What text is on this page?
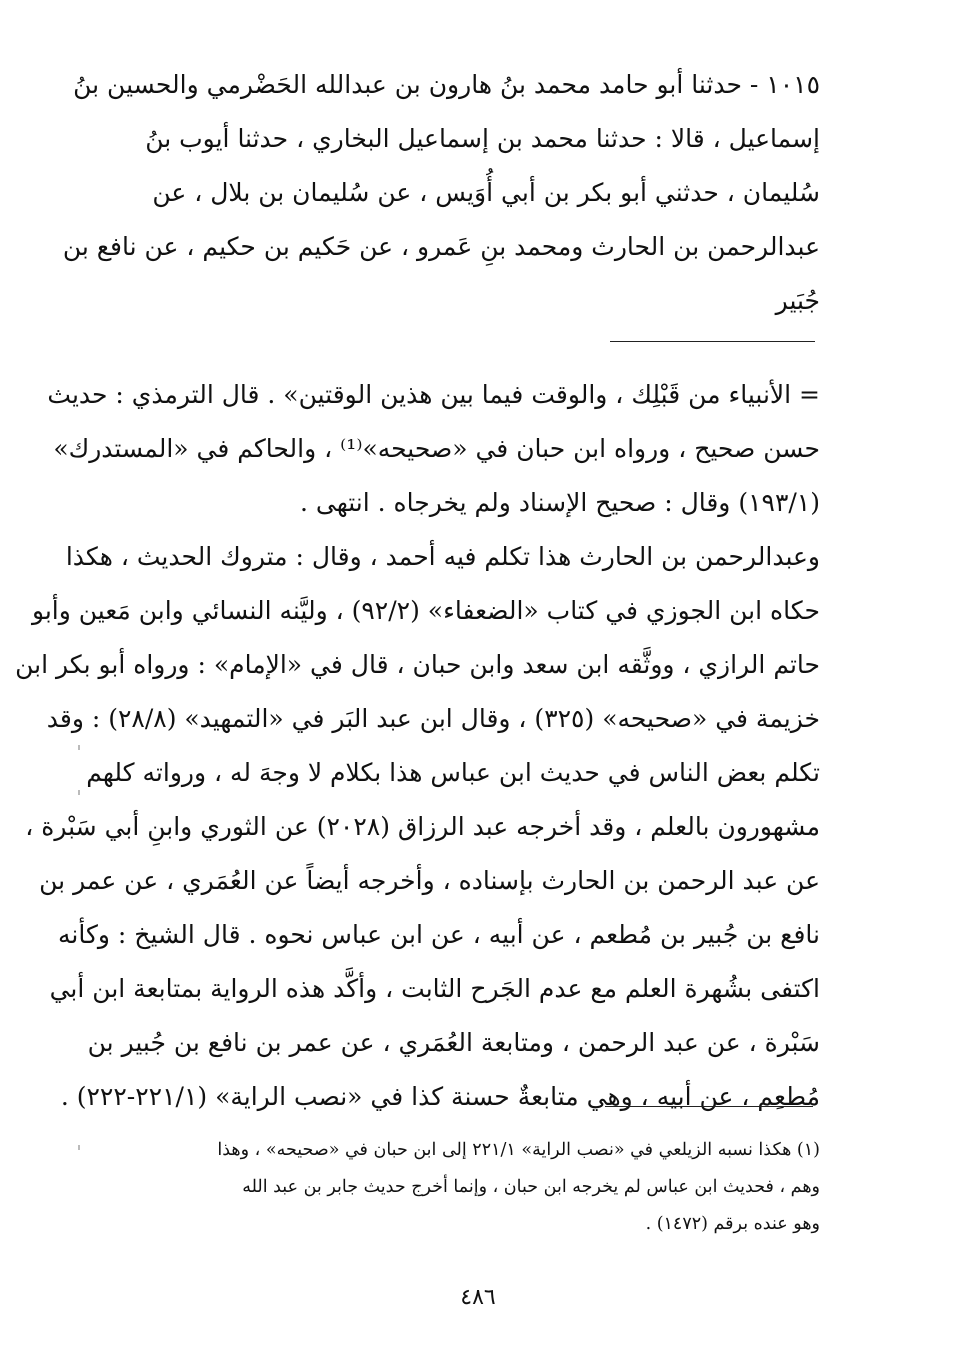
١٠١٥ - حدثنا أبو حامد محمد بنُ هارون بن عبدالله الحَضْرمي والحسين بنُ
إسماعيل ، قالا : حدثنا محمد بن إسماعيل البخاري ، حدثنا أيوب بنُ
سُليمان ، حدثني أبو بكر بن أبي أُوَيس ، عن سُليمان بن بلال ، عن
عبدالرحمن بن الحارث ومحمد بنِ عَمرو ، عن حَكيم بن حكيم ، عن نافع بن
جُبَير
= الأنبياء من قَبْلِك ، والوقت فيما بين هذين الوقتين» . قال الترمذي : حديث
حسن صحيح ، ورواه ابن حبان في «صحيحه»⁽¹⁾ ، والحاكم في «المستدرك»
(١٩٣/١) وقال : صحيح الإسناد ولم يخرجاه . انتهى .
وعبدالرحمن بن الحارث هذا تكلم فيه أحمد ، وقال : متروك الحديث ، هكذا
حكاه ابن الجوزي في كتاب «الضعفاء» (٩٢/٢) ، وليَّنه النسائي وابن مَعين وأبو
حاتم الرازي ، ووثَّقه ابن سعد وابن حبان ، قال في «الإمام» : ورواه أبو بكر ابن
خزيمة في «صحيحه» (٣٢٥) ، وقال ابن عبد البَر في «التمهيد» (٢٨/٨) : وقد
تكلم بعض الناس في حديث ابن عباس هذا بكلام لا وجهَ له ، ورواته كلهم
مشهورون بالعلم ، وقد أخرجه عبد الرزاق (٢٠٢٨) عن الثوري وابنِ أبي سَبْرة ،
عن عبد الرحمن بن الحارث بإسناده ، وأخرجه أيضاً عن العُمَري ، عن عمر بن
نافع بن جُبير بن مُطعم ، عن أبيه ، عن ابن عباس نحوه . قال الشيخ : وكأنه
اكتفى بشُهرة العلم مع عدم الجَرح الثابت ، وأكَّد هذه الرواية بمتابعة ابن أبي
سَبْرة ، عن عبد الرحمن ، ومتابعة العُمَري ، عن عمر بن نافع بن جُبير بن
مُطعِم ، عن أبيه ، وهي متابعةٌ حسنة كذا في «نصب الراية» (٢٢١/١-٢٢٢) .
(١) هكذا نسبه الزيلعي في «نصب الراية» ٢٢١/١ إلى ابن حبان في «صحيحه» ، وهذا
وهم ، فحديث ابن عباس لم يخرجه ابن حبان ، وإنما أخرج حديث جابر بن عبد الله
وهو عنده برقم (١٤٧٢) .
٤٨٦
